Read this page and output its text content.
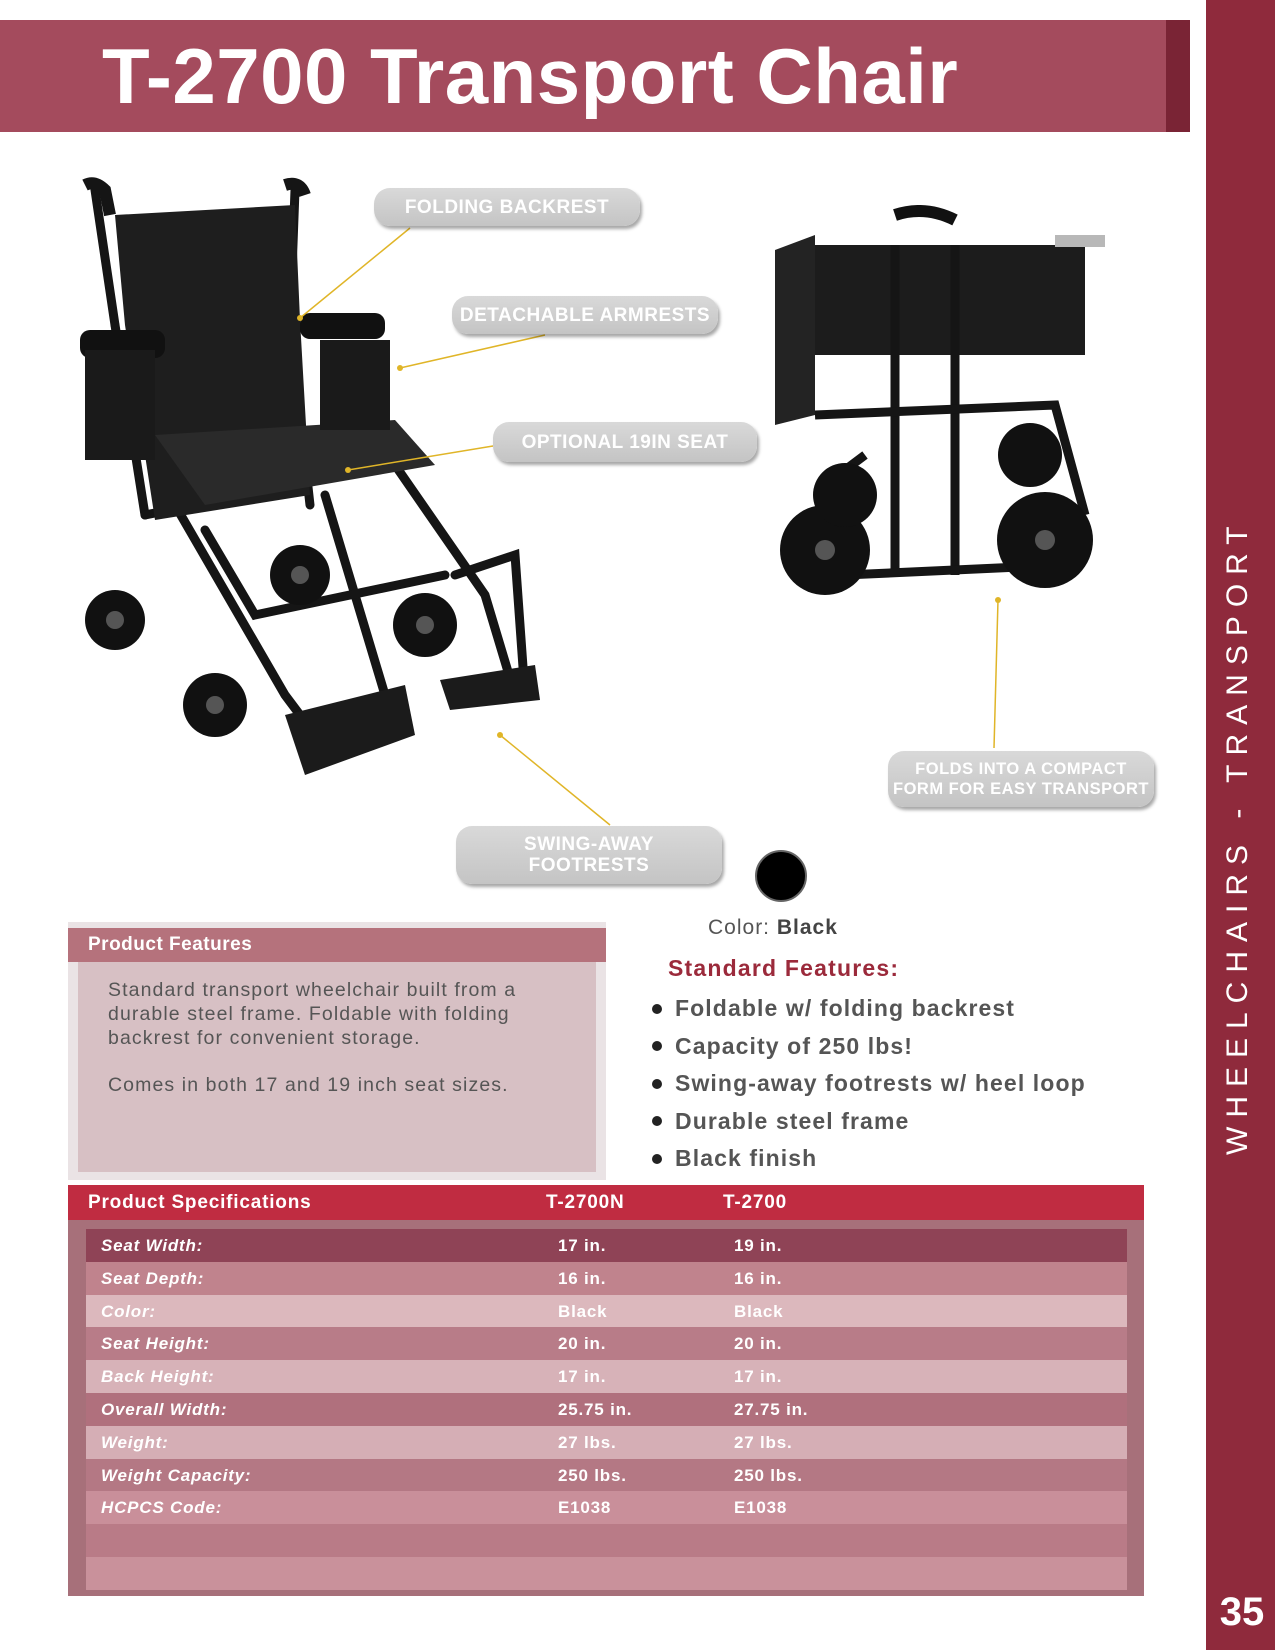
T-2700 Transport Chair
WHEELCHAIRS - TRANSPORT
35
FOLDING BACKREST
DETACHABLE ARMRESTS
OPTIONAL 19IN SEAT
SWING-AWAY
FOOTRESTS
FOLDS INTO A COMPACT
FORM FOR EASY TRANSPORT
Color: Black
Product Features

Standard transport wheelchair built from a durable steel frame. Foldable with folding backrest for convenient storage.

Comes in both 17 and 19 inch seat sizes.

Standard Features:
Foldable w/ folding backrest
Capacity of 250 lbs!
Swing-away footrests w/ heel loop
Durable steel frame
Black finish
Product Specifications	T-2700N	T-2700
Seat Width:	17 in.	19 in.
Seat Depth:	16 in.	16 in.
Color:	Black	Black
Seat Height:	20 in.	20 in.
Back Height:	17 in.	17 in.
Overall Width:	25.75 in.	27.75 in.
Weight:	27 lbs.	27 lbs.
Weight Capacity:	250 lbs.	250 lbs.
HCPCS Code:	E1038	E1038
